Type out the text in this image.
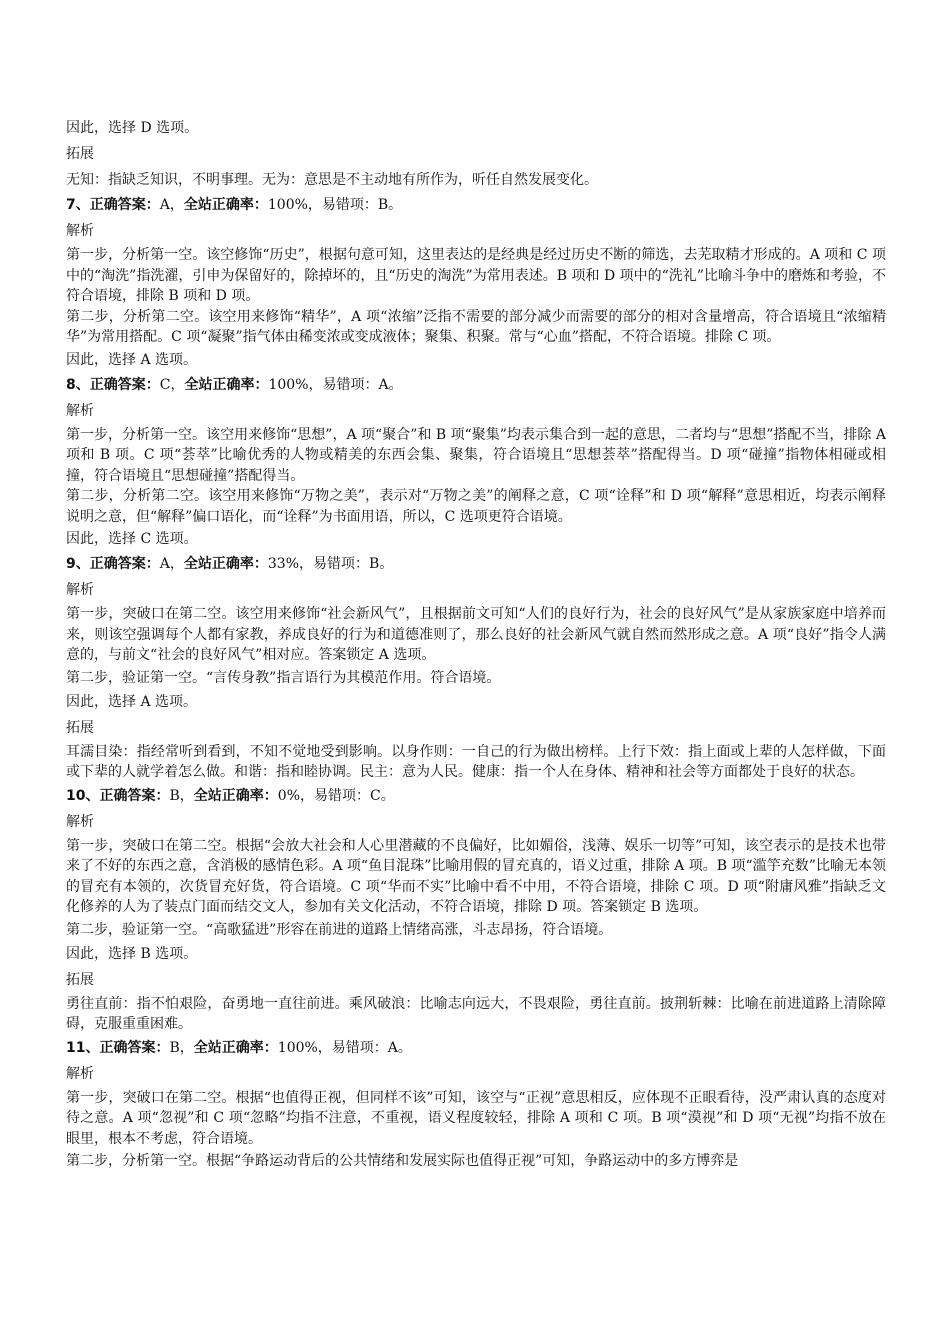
因此，选择 D 选项。

拓展

无知：指缺乏知识，不明事理。无为：意思是不主动地有所作为，听任自然发展变化。

7、正确答案：A，全站正确率：100%，易错项：B。

解析

第一步，分析第一空。该空修饰“历史”，根据句意可知，这里表达的是经典是经过历史不断的筛选，去芜取精才形成的。A 项和 C 项中的“淘洗”指洗濯，引申为保留好的，除掉坏的，且“历史的淘洗”为常用表述。B 项和 D 项中的“洗礼”比喻斗争中的磨炼和考验，不符合语境，排除 B 项和 D 项。

第二步，分析第二空。该空用来修饰“精华”，A 项“浓缩”泛指不需要的部分减少而需要的部分的相对含量增高，符合语境且“浓缩精华”为常用搭配。C 项“凝聚”指气体由稀变浓或变成液体；聚集、积聚。常与“心血”搭配，不符合语境。排除 C 项。

因此，选择 A 选项。

8、正确答案：C，全站正确率：100%，易错项：A。

解析

第一步，分析第一空。该空用来修饰“思想”，A 项“聚合”和 B 项“聚集”均表示集合到一起的意思，二者均与“思想”搭配不当，排除 A 项和 B 项。C 项“荟萃”比喻优秀的人物或精美的东西会集、聚集，符合语境且“思想荟萃”搭配得当。D 项“碰撞”指物体相碰或相撞，符合语境且“思想碰撞”搭配得当。

第二步，分析第二空。该空用来修饰“万物之美”，表示对“万物之美”的阐释之意，C 项“诠释”和 D 项“解释”意思相近，均表示阐释说明之意，但“解释”偏口语化，而“诠释”为书面用语，所以，C 选项更符合语境。

因此，选择 C 选项。

9、正确答案：A，全站正确率：33%，易错项：B。

解析

第一步，突破口在第二空。该空用来修饰“社会新风气”，且根据前文可知“人们的良好行为，社会的良好风气”是从家族家庭中培养而来，则该空强调每个人都有家教，养成良好的行为和道德准则了，那么良好的社会新风气就自然而然形成之意。A 项“良好”指令人满意的，与前文“社会的良好风气”相对应。答案锁定 A 选项。

第二步，验证第一空。“言传身教”指言语行为其模范作用。符合语境。

因此，选择 A 选项。

拓展

耳濡目染：指经常听到看到，不知不觉地受到影响。以身作则：一自己的行为做出榜样。上行下效：指上面或上辈的人怎样做，下面或下辈的人就学着怎么做。和谐：指和睦协调。民主：意为人民。健康：指一个人在身体、精神和社会等方面都处于良好的状态。

10、正确答案：B，全站正确率：0%，易错项：C。

解析

第一步，突破口在第二空。根据“会放大社会和人心里潜藏的不良偏好，比如媚俗，浅薄、娱乐一切等”可知，该空表示的是技术也带来了不好的东西之意，含消极的感情色彩。A 项“鱼目混珠”比喻用假的冒充真的，语义过重，排除 A 项。B 项“滥竽充数”比喻无本领的冒充有本领的，次货冒充好货，符合语境。C 项“华而不实”比喻中看不中用，不符合语境，排除 C 项。D 项“附庸风雅”指缺乏文化修养的人为了装点门面而结交文人，参加有关文化活动，不符合语境，排除 D 项。答案锁定 B 选项。

第二步，验证第一空。“高歌猛进”形容在前进的道路上情绪高涨，斗志昂扬，符合语境。

因此，选择 B 选项。

拓展

勇往直前：指不怕艰险，奋勇地一直往前进。乘风破浪：比喻志向远大，不畏艰险，勇往直前。披荆斩棘：比喻在前进道路上清除障碍，克服重重困难。

11、正确答案：B，全站正确率：100%，易错项：A。

解析

第一步，突破口在第二空。根据“也值得正视，但同样不该”可知，该空与“正视”意思相反，应体现不正眼看待，没严肃认真的态度对待之意。A 项“忽视”和 C 项“忽略”均指不注意，不重视，语义程度较轻，排除 A 项和 C 项。B 项“漠视”和 D 项“无视”均指不放在眼里，根本不考虑，符合语境。

第二步，分析第一空。根据“争路运动背后的公共情绪和发展实际也值得正视”可知，争路运动中的多方博弈是
